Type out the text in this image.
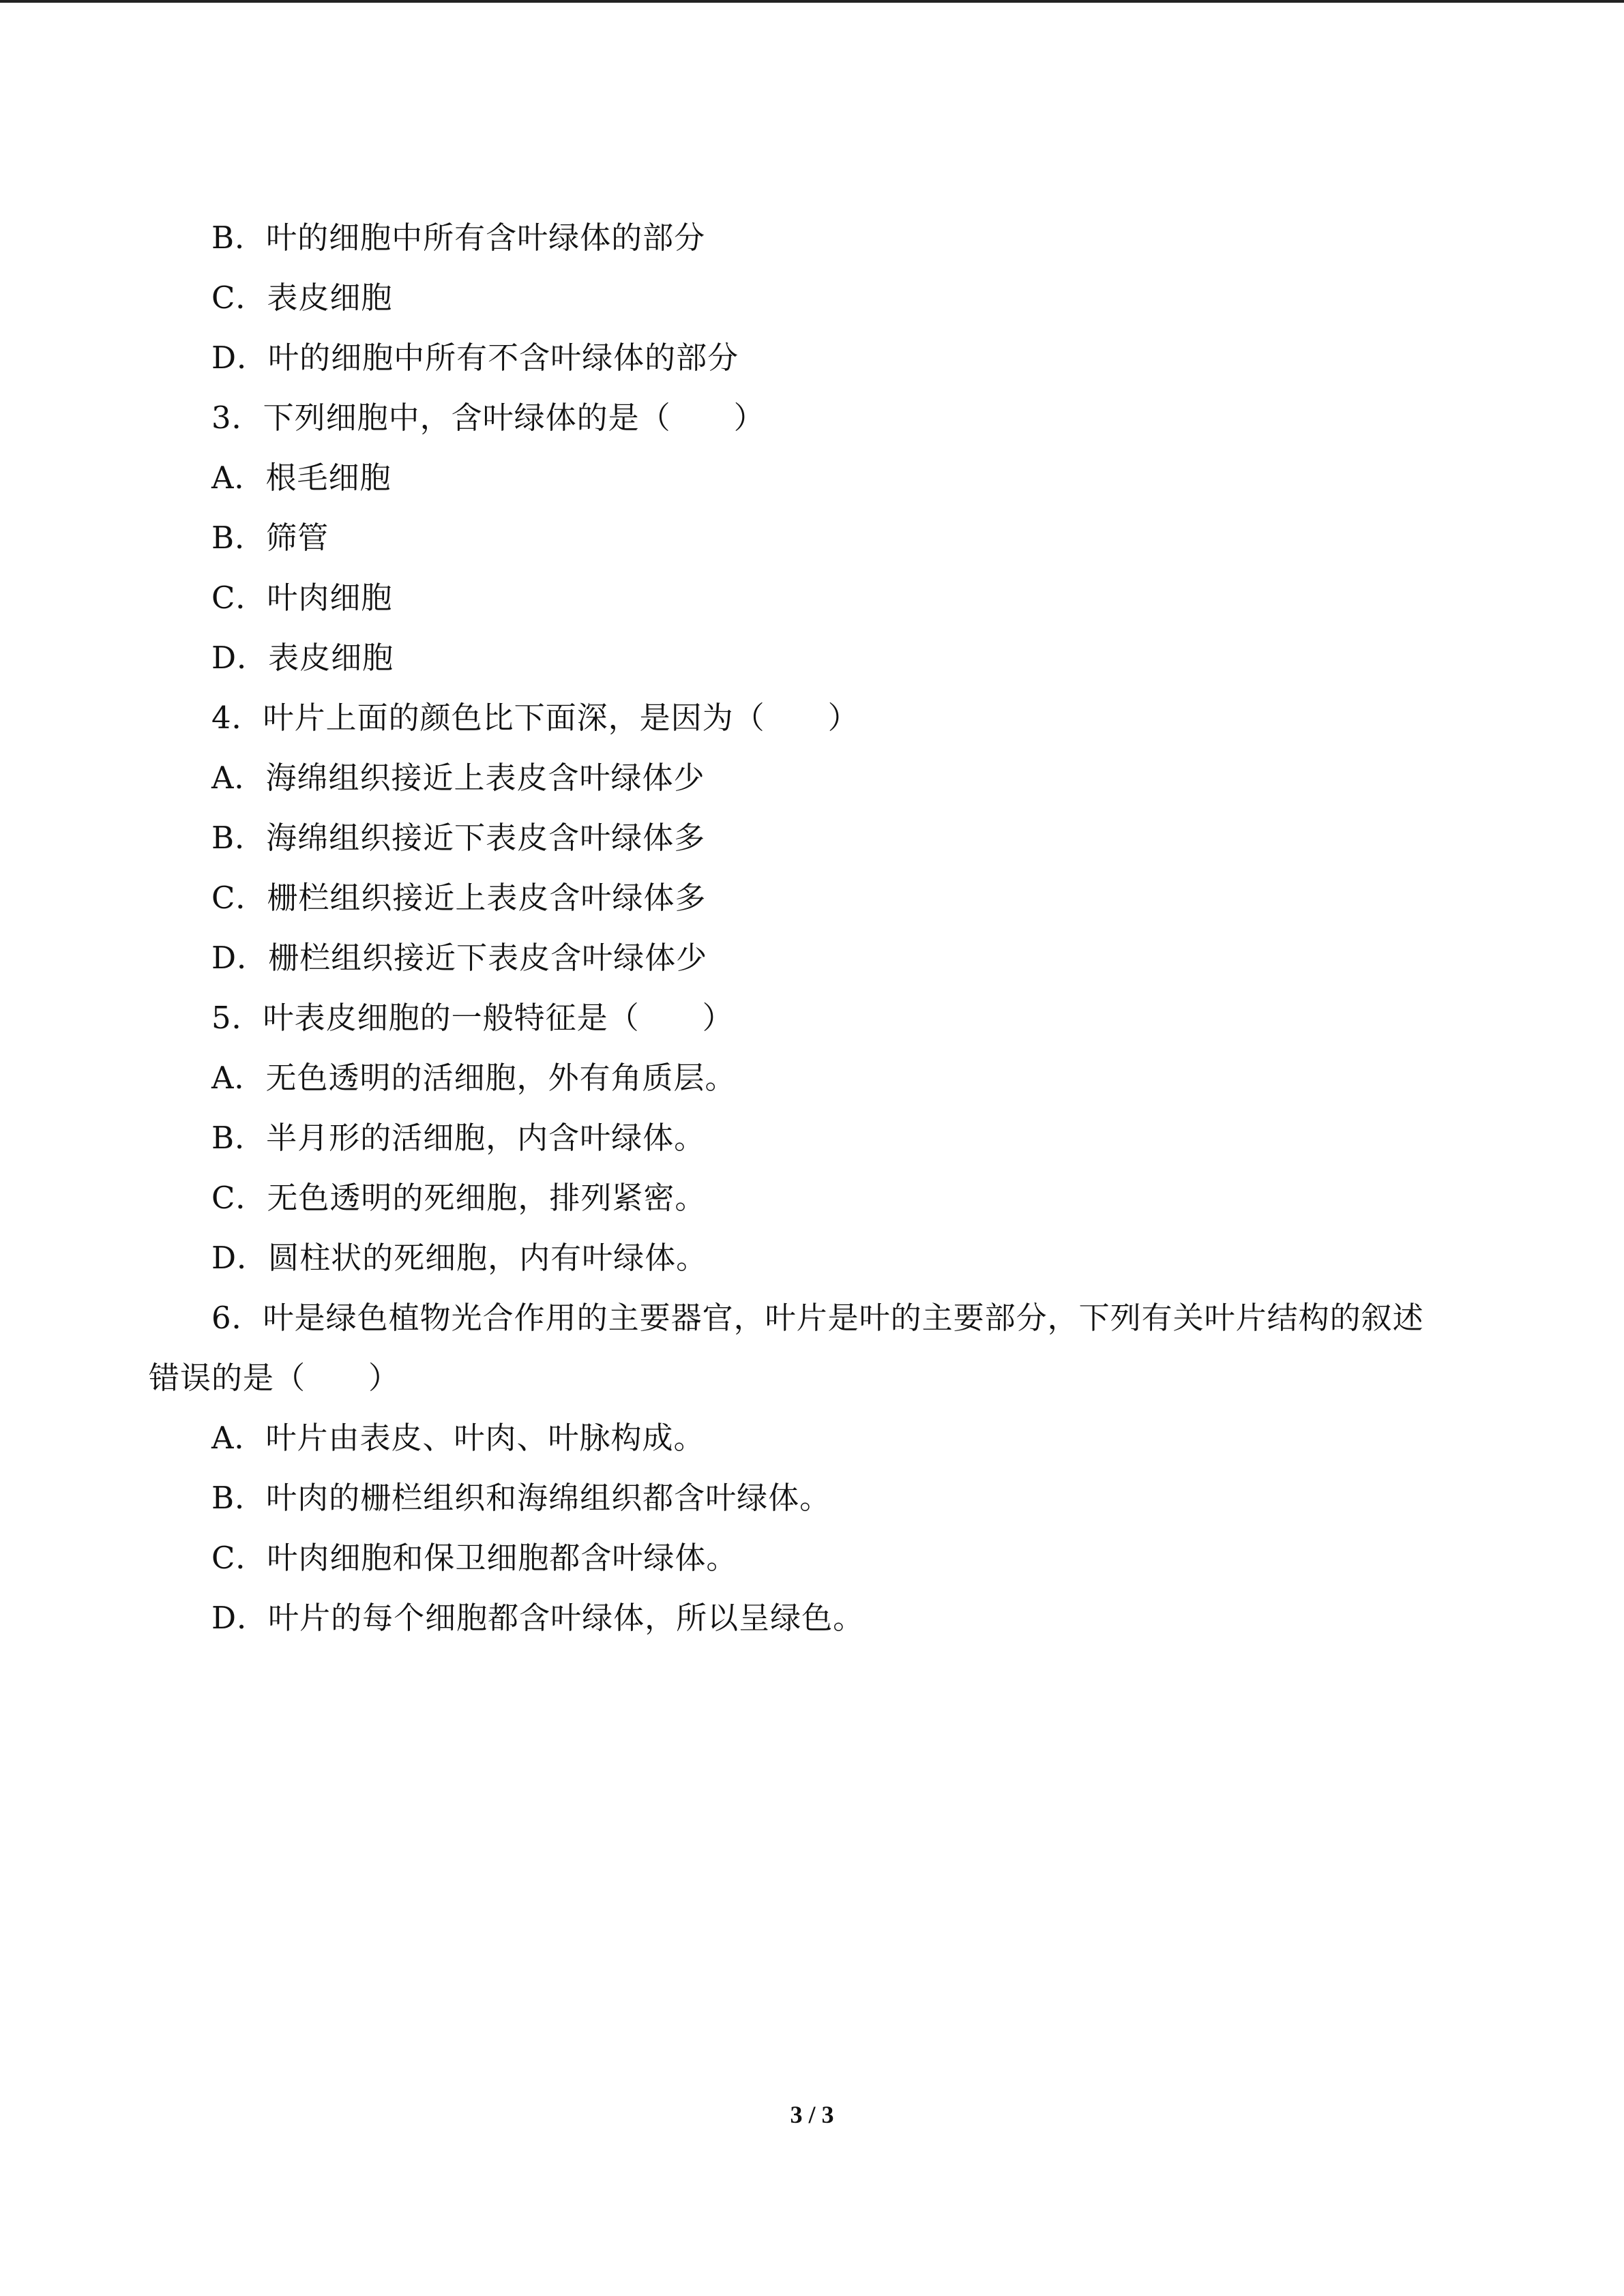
B．叶的细胞中所有含叶绿体的部分
C．表皮细胞
D．叶的细胞中所有不含叶绿体的部分
3．下列细胞中，含叶绿体的是（　　）
A．根毛细胞
B．筛管
C．叶肉细胞
D．表皮细胞
4．叶片上面的颜色比下面深，是因为（　　）
A．海绵组织接近上表皮含叶绿体少
B．海绵组织接近下表皮含叶绿体多
C．栅栏组织接近上表皮含叶绿体多
D．栅栏组织接近下表皮含叶绿体少
5．叶表皮细胞的一般特征是（　　）
A．无色透明的活细胞，外有角质层。
B．半月形的活细胞，内含叶绿体。
C．无色透明的死细胞，排列紧密。
D．圆柱状的死细胞，内有叶绿体。
6．叶是绿色植物光合作用的主要器官，叶片是叶的主要部分，下列有关叶片结构的叙述
错误的是（　　）
A．叶片由表皮、叶肉、叶脉构成。
B．叶肉的栅栏组织和海绵组织都含叶绿体。
C．叶肉细胞和保卫细胞都含叶绿体。
D．叶片的每个细胞都含叶绿体，所以呈绿色。
3 / 3
